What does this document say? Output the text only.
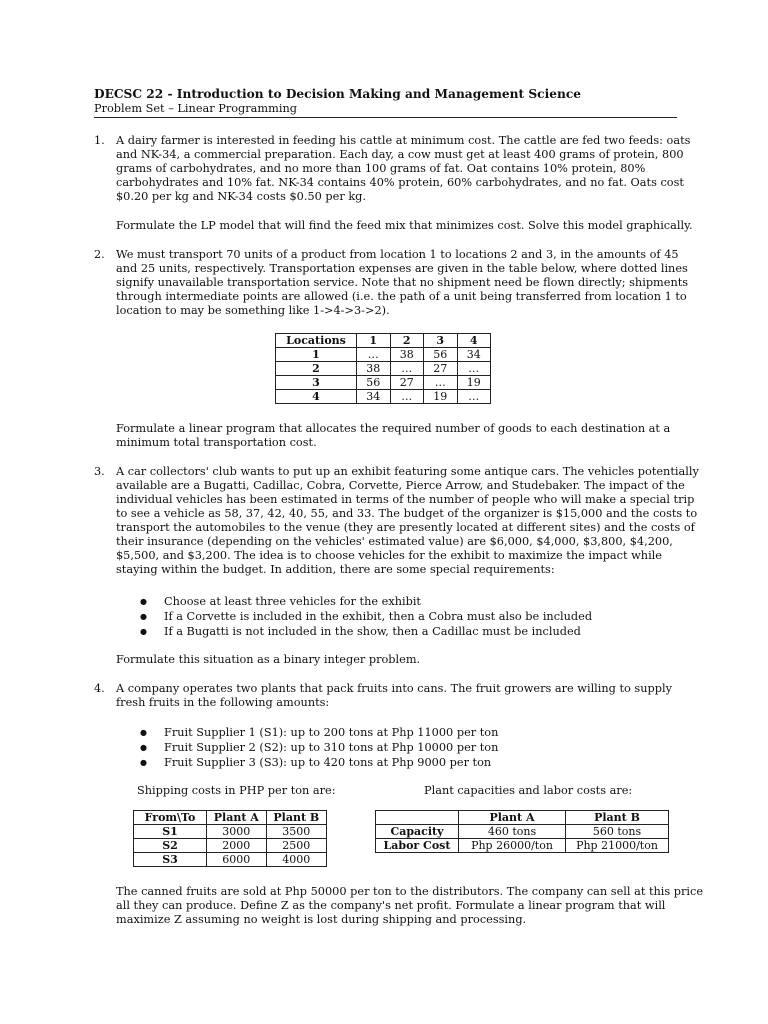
DECSC 22 - Introduction to Decision Making and Management Science
Problem Set – Linear Programming
1. A dairy farmer is interested in feeding his cattle at minimum cost. The cattle are fed two feeds: oats
and NK-34, a commercial preparation. Each day, a cow must get at least 400 grams of protein, 800
grams of carbohydrates, and no more than 100 grams of fat. Oat contains 10% protein, 80%
carbohydrates and 10% fat. NK-34 contains 40% protein, 60% carbohydrates, and no fat. Oats cost
$0.20 per kg and NK-34 costs $0.50 per kg.
Formulate the LP model that will find the feed mix that minimizes cost. Solve this model graphically.
2. We must transport 70 units of a product from location 1 to locations 2 and 3, in the amounts of 45
and 25 units, respectively. Transportation expenses are given in the table below, where dotted lines
signify unavailable transportation service. Note that no shipment need be flown directly; shipments
through intermediate points are allowed (i.e. the path of a unit being transferred from location 1 to
location to may be something like 1->4->3->2).
Locations	1	2	3	4
1	…	38	56	34
2	38	…	27	…
3	56	27	…	19
4	34	…	19	…
Formulate a linear program that allocates the required number of goods to each destination at a
minimum total transportation cost.
3. A car collectors' club wants to put up an exhibit featuring some antique cars. The vehicles potentially
available are a Bugatti, Cadillac, Cobra, Corvette, Pierce Arrow, and Studebaker. The impact of the
individual vehicles has been estimated in terms of the number of people who will make a special trip
to see a vehicle as 58, 37, 42, 40, 55, and 33. The budget of the organizer is $15,000 and the costs to
transport the automobiles to the venue (they are presently located at different sites) and the costs of
their insurance (depending on the vehicles' estimated value) are $6,000, $4,000, $3,800, $4,200,
$5,500, and $3,200. The idea is to choose vehicles for the exhibit to maximize the impact while
staying within the budget. In addition, there are some special requirements:
● Choose at least three vehicles for the exhibit
● If a Corvette is included in the exhibit, then a Cobra must also be included
● If a Bugatti is not included in the show, then a Cadillac must be included
Formulate this situation as a binary integer problem.
4. A company operates two plants that pack fruits into cans. The fruit growers are willing to supply
fresh fruits in the following amounts:
● Fruit Supplier 1 (S1): up to 200 tons at Php 11000 per ton
● Fruit Supplier 2 (S2): up to 310 tons at Php 10000 per ton
● Fruit Supplier 3 (S3): up to 420 tons at Php 9000 per ton
Shipping costs in PHP per ton are:	Plant capacities and labor costs are:
From\To	Plant A	Plant B
S1	3000	3500
S2	2000	2500
S3	6000	4000
	Plant A	Plant B
Capacity	460 tons	560 tons
Labor Cost	Php 26000/ton	Php 21000/ton
The canned fruits are sold at Php 50000 per ton to the distributors. The company can sell at this price
all they can produce. Define Z as the company's net profit. Formulate a linear program that will
maximize Z assuming no weight is lost during shipping and processing.
